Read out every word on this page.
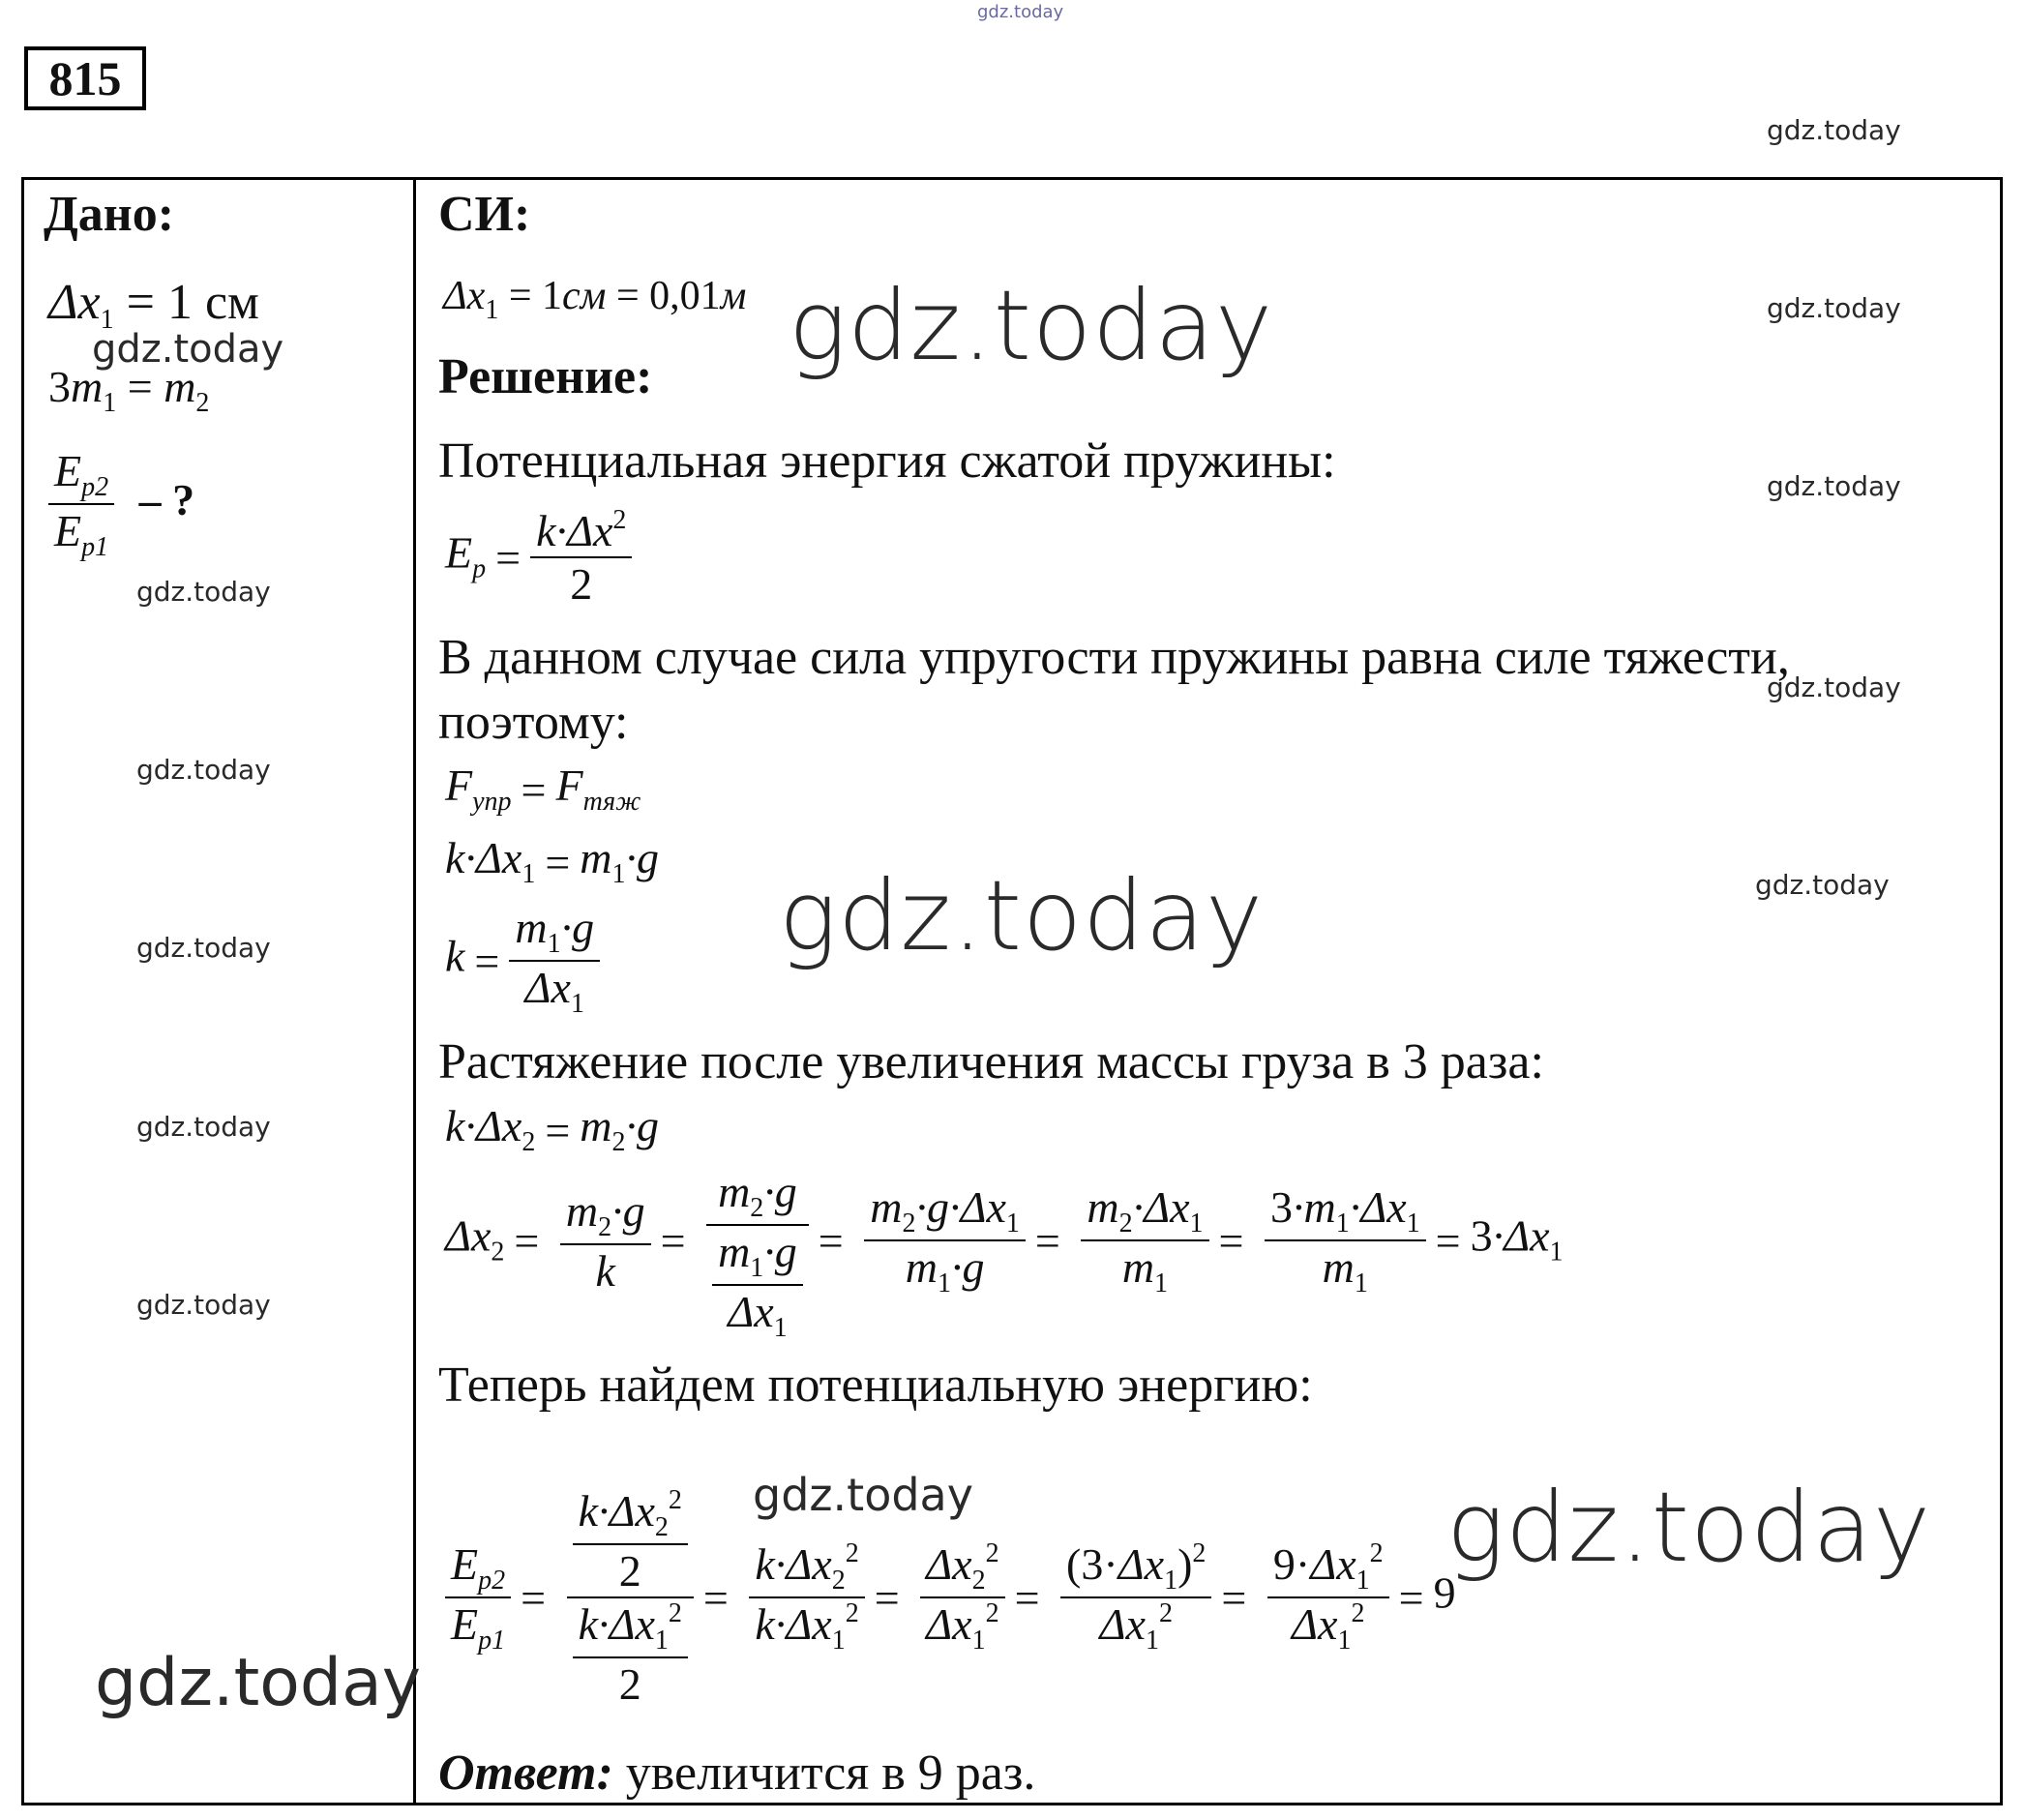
815
Дано:
$\Delta x_1 = 1$ см
$3m_1 = m_2$
$\frac{E_{p2}}{E_{p1}}$ – ?
СИ:
$\Delta x_1 = 1см = 0,01м$
Решение:
Потенциальная энергия сжатой пружины:
$E_p = \frac{k\cdot\Delta x^2}{2}$
В данном случае сила упругости пружины равна силе тяжести,
поэтому:
$F_{упр} = F_{тяж}$
$k\cdot\Delta x_1 = m_1\cdot g$
$k = \frac{m_1\cdot g}{\Delta x_1}$
Растяжение после увеличения массы груза в 3 раза:
$k\cdot\Delta x_2 = m_2\cdot g$
$\Delta x_2 = \frac{m_2\cdot g}{k} = \frac{m_2\cdot g}{\frac{m_1\cdot g}{\Delta x_1}} = \frac{m_2\cdot g\cdot\Delta x_1}{m_1\cdot g} = \frac{m_2\cdot\Delta x_1}{m_1} = \frac{3\cdot m_1\cdot\Delta x_1}{m_1} = 3\cdot\Delta x_1$
Теперь найдем потенциальную энергию:
$\frac{E_{p2}}{E_{p1}} = \frac{\frac{k\cdot\Delta x_2^2}{2}}{\frac{k\cdot\Delta x_1^2}{2}} = \frac{k\cdot\Delta x_2^2}{k\cdot\Delta x_1^2} = \frac{\Delta x_2^2}{\Delta x_1^2} = \frac{(3\cdot\Delta x_1)^2}{\Delta x_1^2} = \frac{9\cdot\Delta x_1^2}{\Delta x_1^2} = 9$
Ответ: увеличится в 9 раз.
gdz.today
gdz.today
gdz.today
gdz.today
gdz.today
gdz.today
gdz.today
gdz.today
gdz.today
gdz.today
gdz.today
gdz.today
gdz.today
gdz.today
gdz.today
gdz.today
gdz.today
